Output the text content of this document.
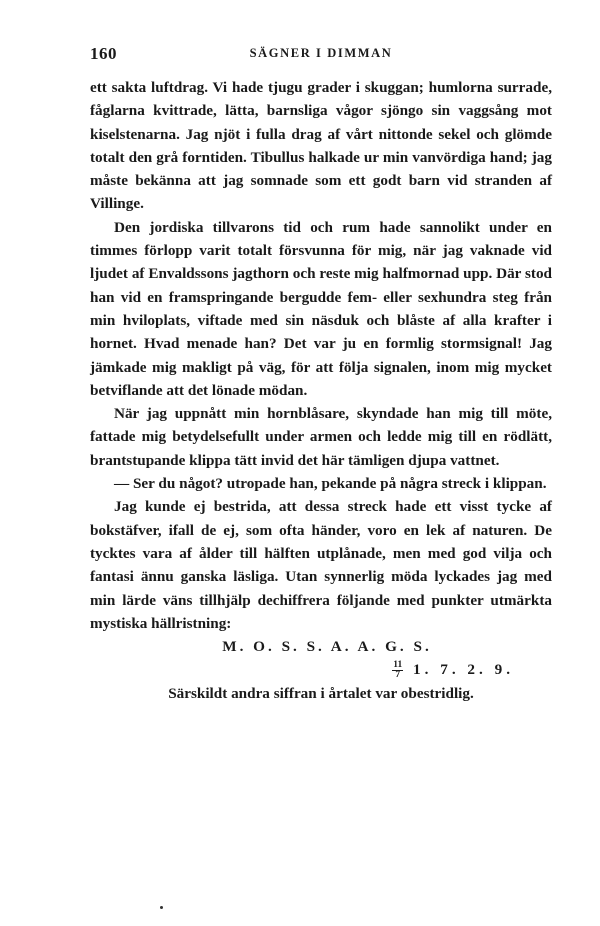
160	SÄGNER I DIMMAN

ett sakta luftdrag. Vi hade tjugu grader i skuggan; humlorna surrade, fåglarna kvittrade, lätta, barnsliga vågor sjöngo sin vaggsång mot kiselstenarna. Jag njöt i fulla drag af vårt nittonde sekel och glömde totalt den grå forntiden. Tibullus halkade ur min vanvördiga hand; jag måste bekänna att jag somnade som ett godt barn vid stranden af Villinge.

Den jordiska tillvarons tid och rum hade sannolikt under en timmes förlopp varit totalt försvunna för mig, när jag vaknade vid ljudet af Envaldssons jagthorn och reste mig halfmornad upp. Där stod han vid en framspringande bergudde fem- eller sexhundra steg från min hviloplats, viftade med sin näsduk och blåste af alla krafter i hornet. Hvad menade han? Det var ju en formlig stormsignal! Jag jämkade mig makligt på väg, för att följa signalen, inom mig mycket betviflande att det lönade mödan.

När jag uppnått min hornblåsare, skyndade han mig till möte, fattade mig betydelsefullt under armen och ledde mig till en rödlätt, brantstupande klippa tätt invid det här tämligen djupa vattnet.

— Ser du något? utropade han, pekande på några streck i klippan.

Jag kunde ej bestrida, att dessa streck hade ett visst tycke af bokstäfver, ifall de ej, som ofta händer, voro en lek af naturen. De tycktes vara af ålder till hälften utplånade, men med god vilja och fantasi ännu ganska läsliga. Utan synnerlig möda lyckades jag med min lärde väns tillhjälp dechiffrera följande med punkter utmärkta mystiska hällristning:

M. O. S. S. A. A. G. S.
$\frac{11}{7} 1$. 7. 2. 9.
Särskildt andra siffran i årtalet var obestridlig.
